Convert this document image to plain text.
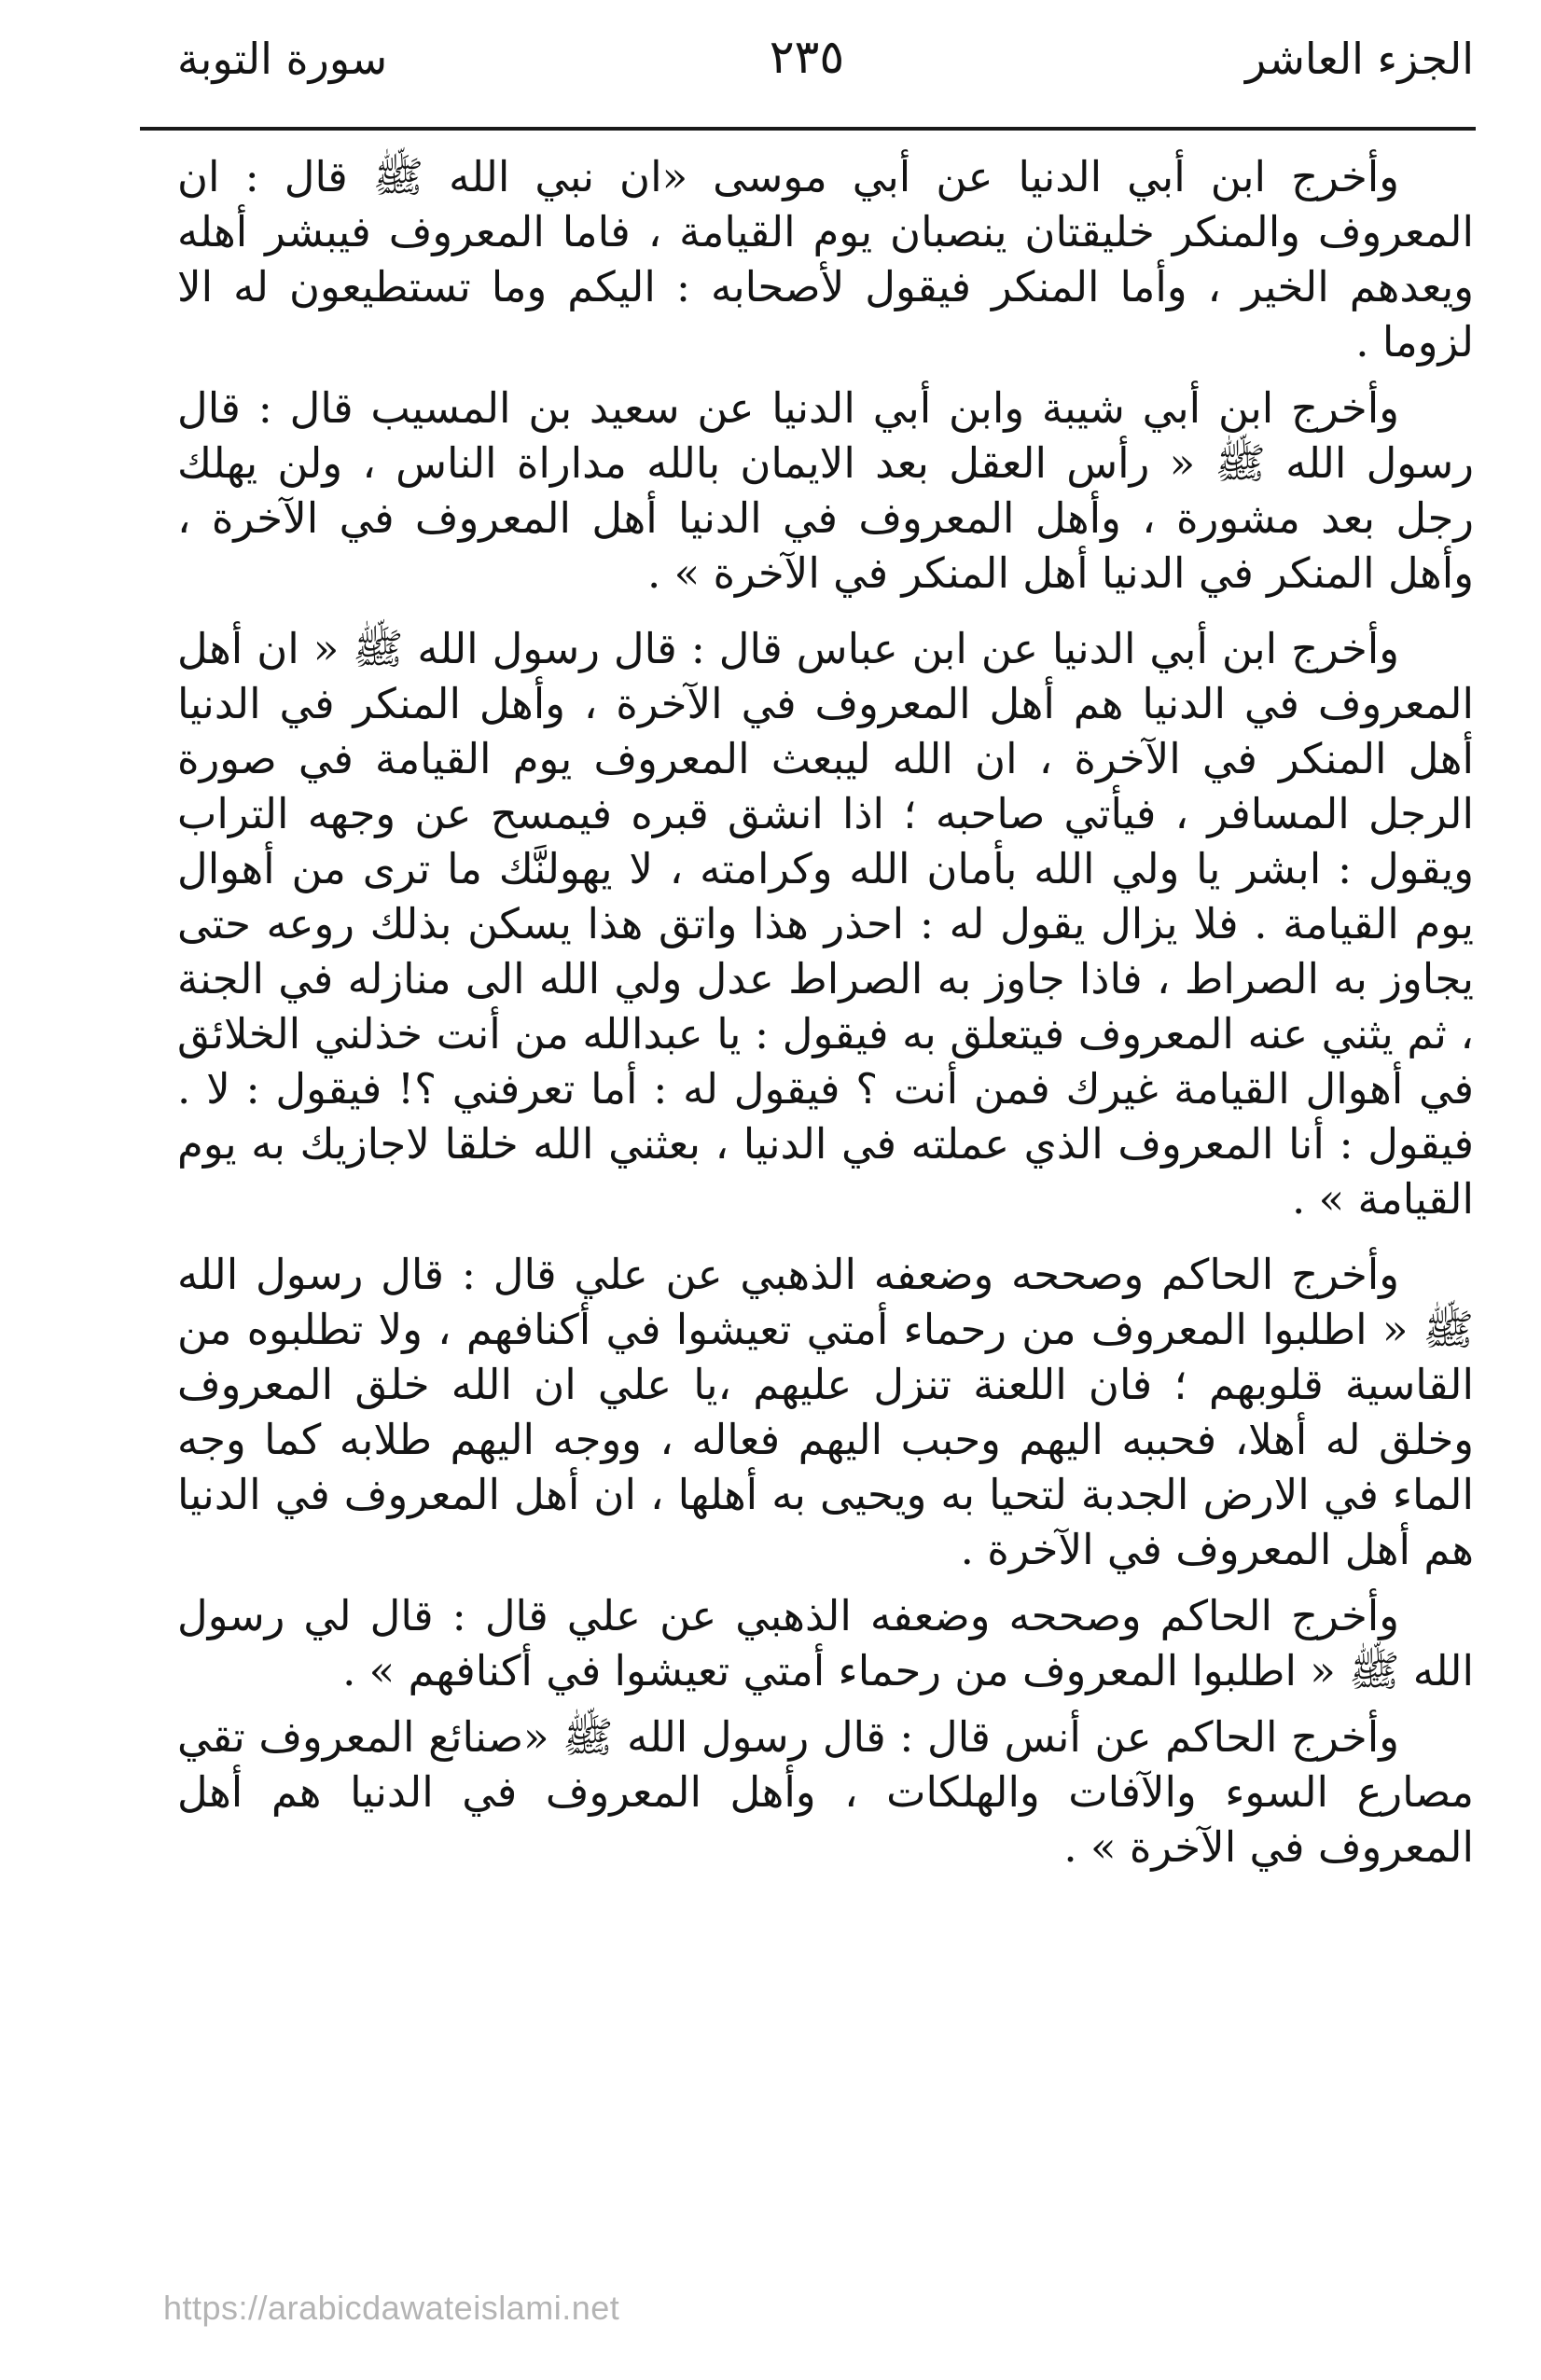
الجزء العاشر
٢٣٥
سورة التوبة

وأخرج ابن أبي الدنيا عن أبي موسى «ان نبي الله ﷺ قال : ان المعروف والمنكر خليقتان ينصبان يوم القيامة ، فاما المعروف فيبشر أهله ويعدهم الخير ، وأما المنكر فيقول لأصحابه : اليكم وما تستطيعون له الا لزوما .

وأخرج ابن أبي شيبة وابن أبي الدنيا عن سعيد بن المسيب قال : قال رسول الله ﷺ « رأس العقل بعد الايمان بالله مداراة الناس ، ولن يهلك رجل بعد مشورة ، وأهل المعروف في الدنيا أهل المعروف في الآخرة ، وأهل المنكر في الدنيا أهل المنكر في الآخرة » .

وأخرج ابن أبي الدنيا عن ابن عباس قال : قال رسول الله ﷺ « ان أهل المعروف في الدنيا هم أهل المعروف في الآخرة ، وأهل المنكر في الدنيا أهل المنكر في الآخرة ، ان الله ليبعث المعروف يوم القيامة في صورة الرجل المسافر ، فيأتي صاحبه ؛ اذا انشق قبره فيمسح عن وجهه التراب ويقول : ابشر يا ولي الله بأمان الله وكرامته ، لا يهولنَّك ما ترى من أهوال يوم القيامة . فلا يزال يقول له : احذر هذا واتق هذا يسكن بذلك روعه حتى يجاوز به الصراط ، فاذا جاوز به الصراط عدل ولي الله الى منازله في الجنة ، ثم يثني عنه المعروف فيتعلق به فيقول : يا عبدالله من أنت خذلني الخلائق في أهوال القيامة غيرك فمن أنت ؟ فيقول له : أما تعرفني ؟! فيقول : لا . فيقول : أنا المعروف الذي عملته في الدنيا ، بعثني الله خلقا لاجازيك به يوم القيامة » .

وأخرج الحاكم وصححه وضعفه الذهبي عن علي قال : قال رسول الله ﷺ « اطلبوا المعروف من رحماء أمتي تعيشوا في أكنافهم ، ولا تطلبوه من القاسية قلوبهم ؛ فان اللعنة تنزل عليهم ،يا علي ان الله خلق المعروف وخلق له أهلا، فحببه اليهم وحبب اليهم فعاله ، ووجه اليهم طلابه كما وجه الماء في الارض الجدبة لتحيا به ويحيى به أهلها ، ان أهل المعروف في الدنيا هم أهل المعروف في الآخرة .

وأخرج الحاكم وصححه وضعفه الذهبي عن علي قال : قال لي رسول الله ﷺ « اطلبوا المعروف من رحماء أمتي تعيشوا في أكنافهم » .

وأخرج الحاكم عن أنس قال : قال رسول الله ﷺ «صنائع المعروف تقي مصارع السوء والآفات والهلكات ، وأهل المعروف في الدنيا هم أهل المعروف في الآخرة » .

https://arabicdawateislami.net
